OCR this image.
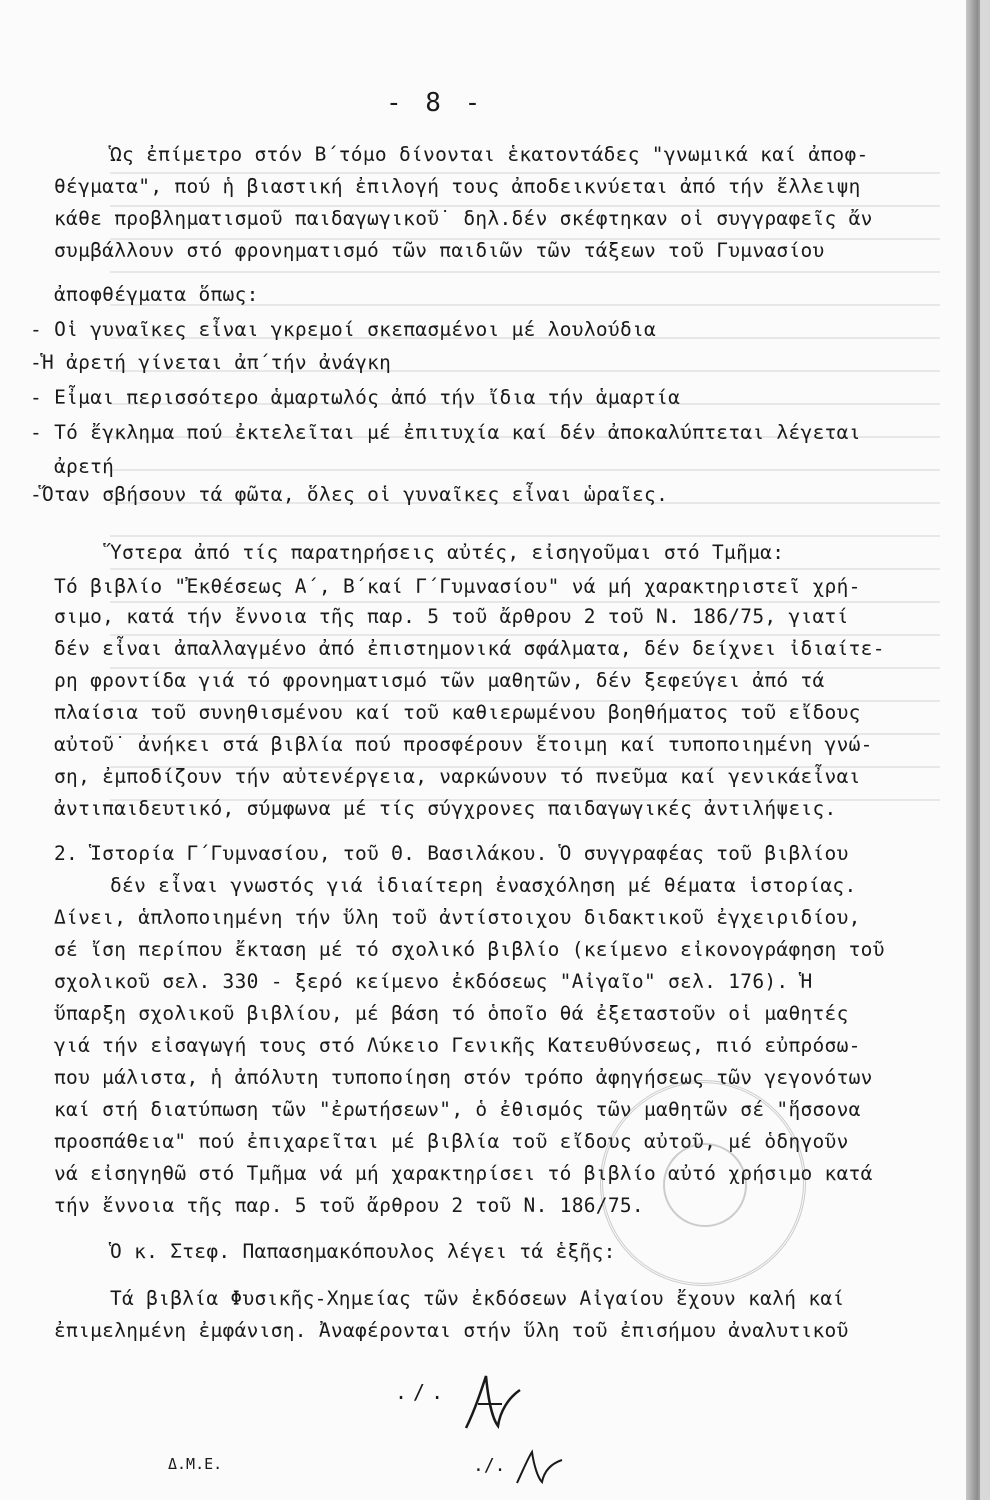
- 8 -
Ὡς ἐπίμετρο στόν Β΄τόμο δίνονται ἑκατοντάδες "γνωμικά καί ἀποφ-
θέγματα", πού ἡ βιαστική ἐπιλογή τους ἀποδεικνύεται ἀπό τήν ἔλλειψη
κάθε προβληματισμοῦ παιδαγωγικοῦ˙ δηλ.δέν σκέφτηκαν οἱ συγγραφεῖς ἄν
συμβάλλουν στό φρονηματισμό τῶν παιδιῶν τῶν τάξεων τοῦ Γυμνασίου
ἀποφθέγματα ὅπως:
- Οἱ γυναῖκες εἶναι γκρεμοί σκεπασμένοι μέ λουλούδια
-Ἡ ἀρετή γίνεται ἀπ΄τήν ἀνάγκη
- Εἶμαι περισσότερο ἁμαρτωλός ἀπό τήν ἴδια τήν ἁμαρτία
- Τό ἔγκλημα πού ἐκτελεῖται μέ ἐπιτυχία καί δέν ἀποκαλύπτεται λέγεται
ἀρετή
-Ὅταν σβήσουν τά φῶτα, ὅλες οἱ γυναῖκες εἶναι ὡραῖες.
Ὕστερα ἀπό τίς παρατηρήσεις αὐτές, εἰσηγοῦμαι στό Τμῆμα:
Τό βιβλίο "Ἐκθέσεως Α΄, Β΄καί Γ΄Γυμνασίου" νά μή χαρακτηριστεῖ χρή-
σιμο, κατά τήν ἔννοια τῆς παρ. 5 τοῦ ἄρθρου 2 τοῦ Ν. 186/75, γιατί
δέν εἶναι ἀπαλλαγμένο ἀπό ἐπιστημονικά σφάλματα, δέν δείχνει ἰδιαίτε-
ρη φροντίδα γιά τό φρονηματισμό τῶν μαθητῶν, δέν ξεφεύγει ἀπό τά
πλαίσια τοῦ συνηθισμένου καί τοῦ καθιερωμένου βοηθήματος τοῦ εἴδους
αὐτοῦ˙ ἀνήκει στά βιβλία πού προσφέρουν ἕτοιμη καί τυποποιημένη γνώ-
ση, ἐμποδίζουν τήν αὐτενέργεια, ναρκώνουν τό πνεῦμα καί γενικάεἶναι
ἀντιπαιδευτικό, σύμφωνα μέ τίς σύγχρονες παιδαγωγικές ἀντιλήψεις.
2. Ἱστορία Γ΄Γυμνασίου, τοῦ Θ. Βασιλάκου. Ὁ συγγραφέας τοῦ βιβλίου
δέν εἶναι γνωστός γιά ἰδιαίτερη ἐνασχόληση μέ θέματα ἱστορίας.
Δίνει, ἁπλοποιημένη τήν ὕλη τοῦ ἀντίστοιχου διδακτικοῦ ἐγχειριδίου,
σέ ἴση περίπου ἔκταση μέ τό σχολικό βιβλίο (κείμενο εἰκονογράφηση τοῦ
σχολικοῦ σελ. 330 - ξερό κείμενο ἐκδόσεως "Αἰγαῖο" σελ. 176). Ἡ
ὕπαρξη σχολικοῦ βιβλίου, μέ βάση τό ὁποῖο θά ἐξεταστοῦν οἱ μαθητές
γιά τήν εἰσαγωγή τους στό Λύκειο Γενικῆς Κατευθύνσεως, πιό εὐπρόσω-
που μάλιστα, ἡ ἀπόλυτη τυποποίηση στόν τρόπο ἀφηγήσεως τῶν γεγονότων
καί στή διατύπωση τῶν "ἐρωτήσεων", ὁ ἐθισμός τῶν μαθητῶν σέ "ἥσσονα
προσπάθεια" πού ἐπιχαρεῖται μέ βιβλία τοῦ εἴδους αὐτοῦ, μέ ὁδηγοῦν
νά εἰσηγηθῶ στό Τμῆμα νά μή χαρακτηρίσει τό βιβλίο αὐτό χρήσιμο κατά
τήν ἔννοια τῆς παρ. 5 τοῦ ἄρθρου 2 τοῦ Ν. 186/75.
Ὁ κ. Στεφ. Παπασημακόπουλος λέγει τά ἑξῆς:
Τά βιβλία Φυσικῆς-Χημείας τῶν ἐκδόσεων Αἰγαίου ἔχουν καλή καί
ἐπιμελημένη ἐμφάνιση. Ἀναφέρονται στήν ὕλη τοῦ ἐπισήμου ἀναλυτικοῦ
./.
Δ.Μ.Ε.	./.
